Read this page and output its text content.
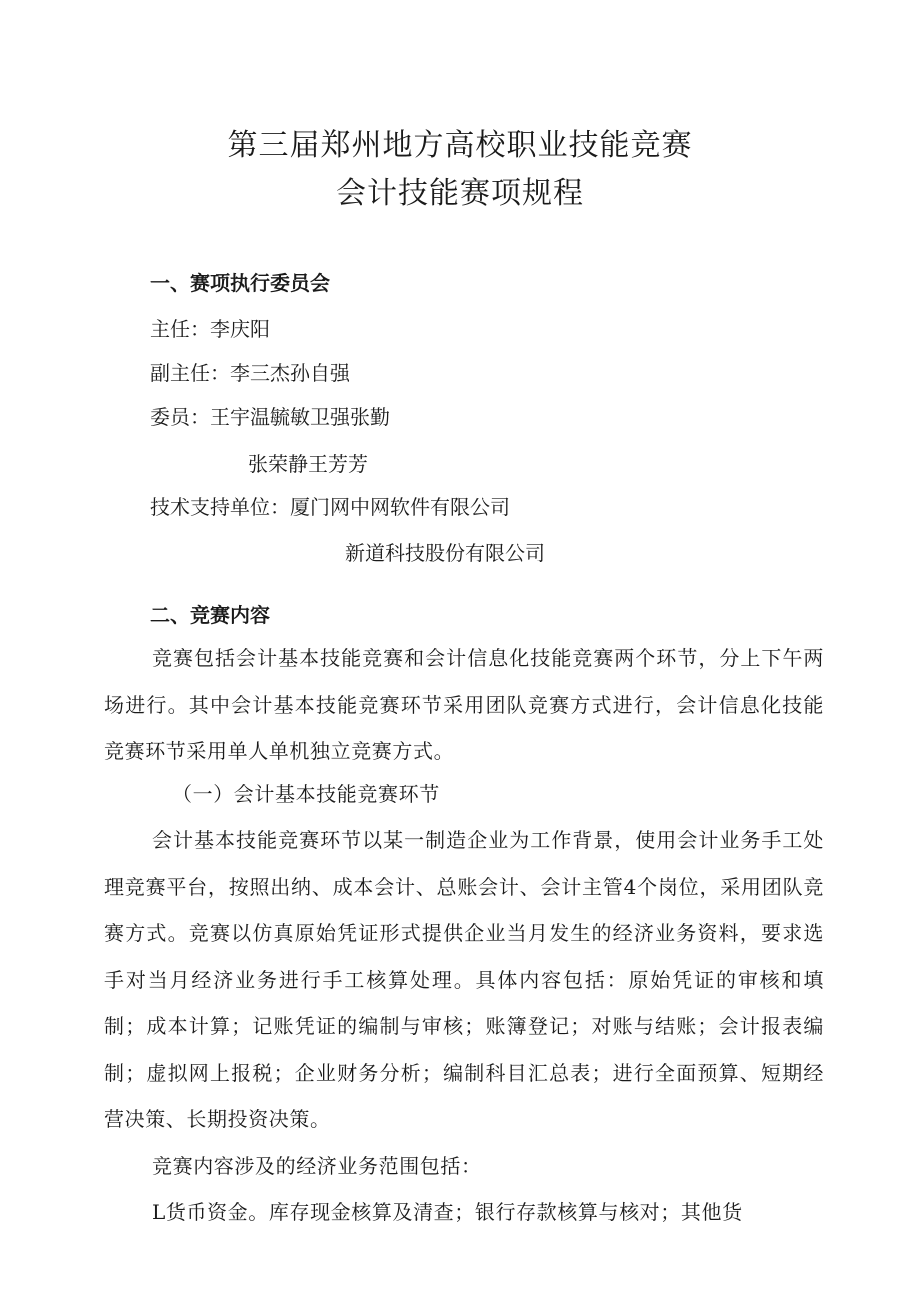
第三届郑州地方高校职业技能竞赛
会计技能赛项规程
一、赛项执行委员会
主任：李庆阳
副主任：李三杰孙自强
委员：王宇温毓敏卫强张勤
张荣静王芳芳
技术支持单位：厦门网中网软件有限公司
新道科技股份有限公司
二、竞赛内容
竞赛包括会计基本技能竞赛和会计信息化技能竞赛两个环节，分上下午两场进行。其中会计基本技能竞赛环节采用团队竞赛方式进行，会计信息化技能竞赛环节采用单人单机独立竞赛方式。
（一）会计基本技能竞赛环节
会计基本技能竞赛环节以某一制造企业为工作背景，使用会计业务手工处理竞赛平台，按照出纳、成本会计、总账会计、会计主管4个岗位，采用团队竞赛方式。竞赛以仿真原始凭证形式提供企业当月发生的经济业务资料，要求选手对当月经济业务进行手工核算处理。具体内容包括：原始凭证的审核和填制；成本计算；记账凭证的编制与审核；账簿登记；对账与结账；会计报表编制；虚拟网上报税；企业财务分析；编制科目汇总表；进行全面预算、短期经营决策、长期投资决策。
竞赛内容涉及的经济业务范围包括：
L货币资金。库存现金核算及清查；银行存款核算与核对；其他货
